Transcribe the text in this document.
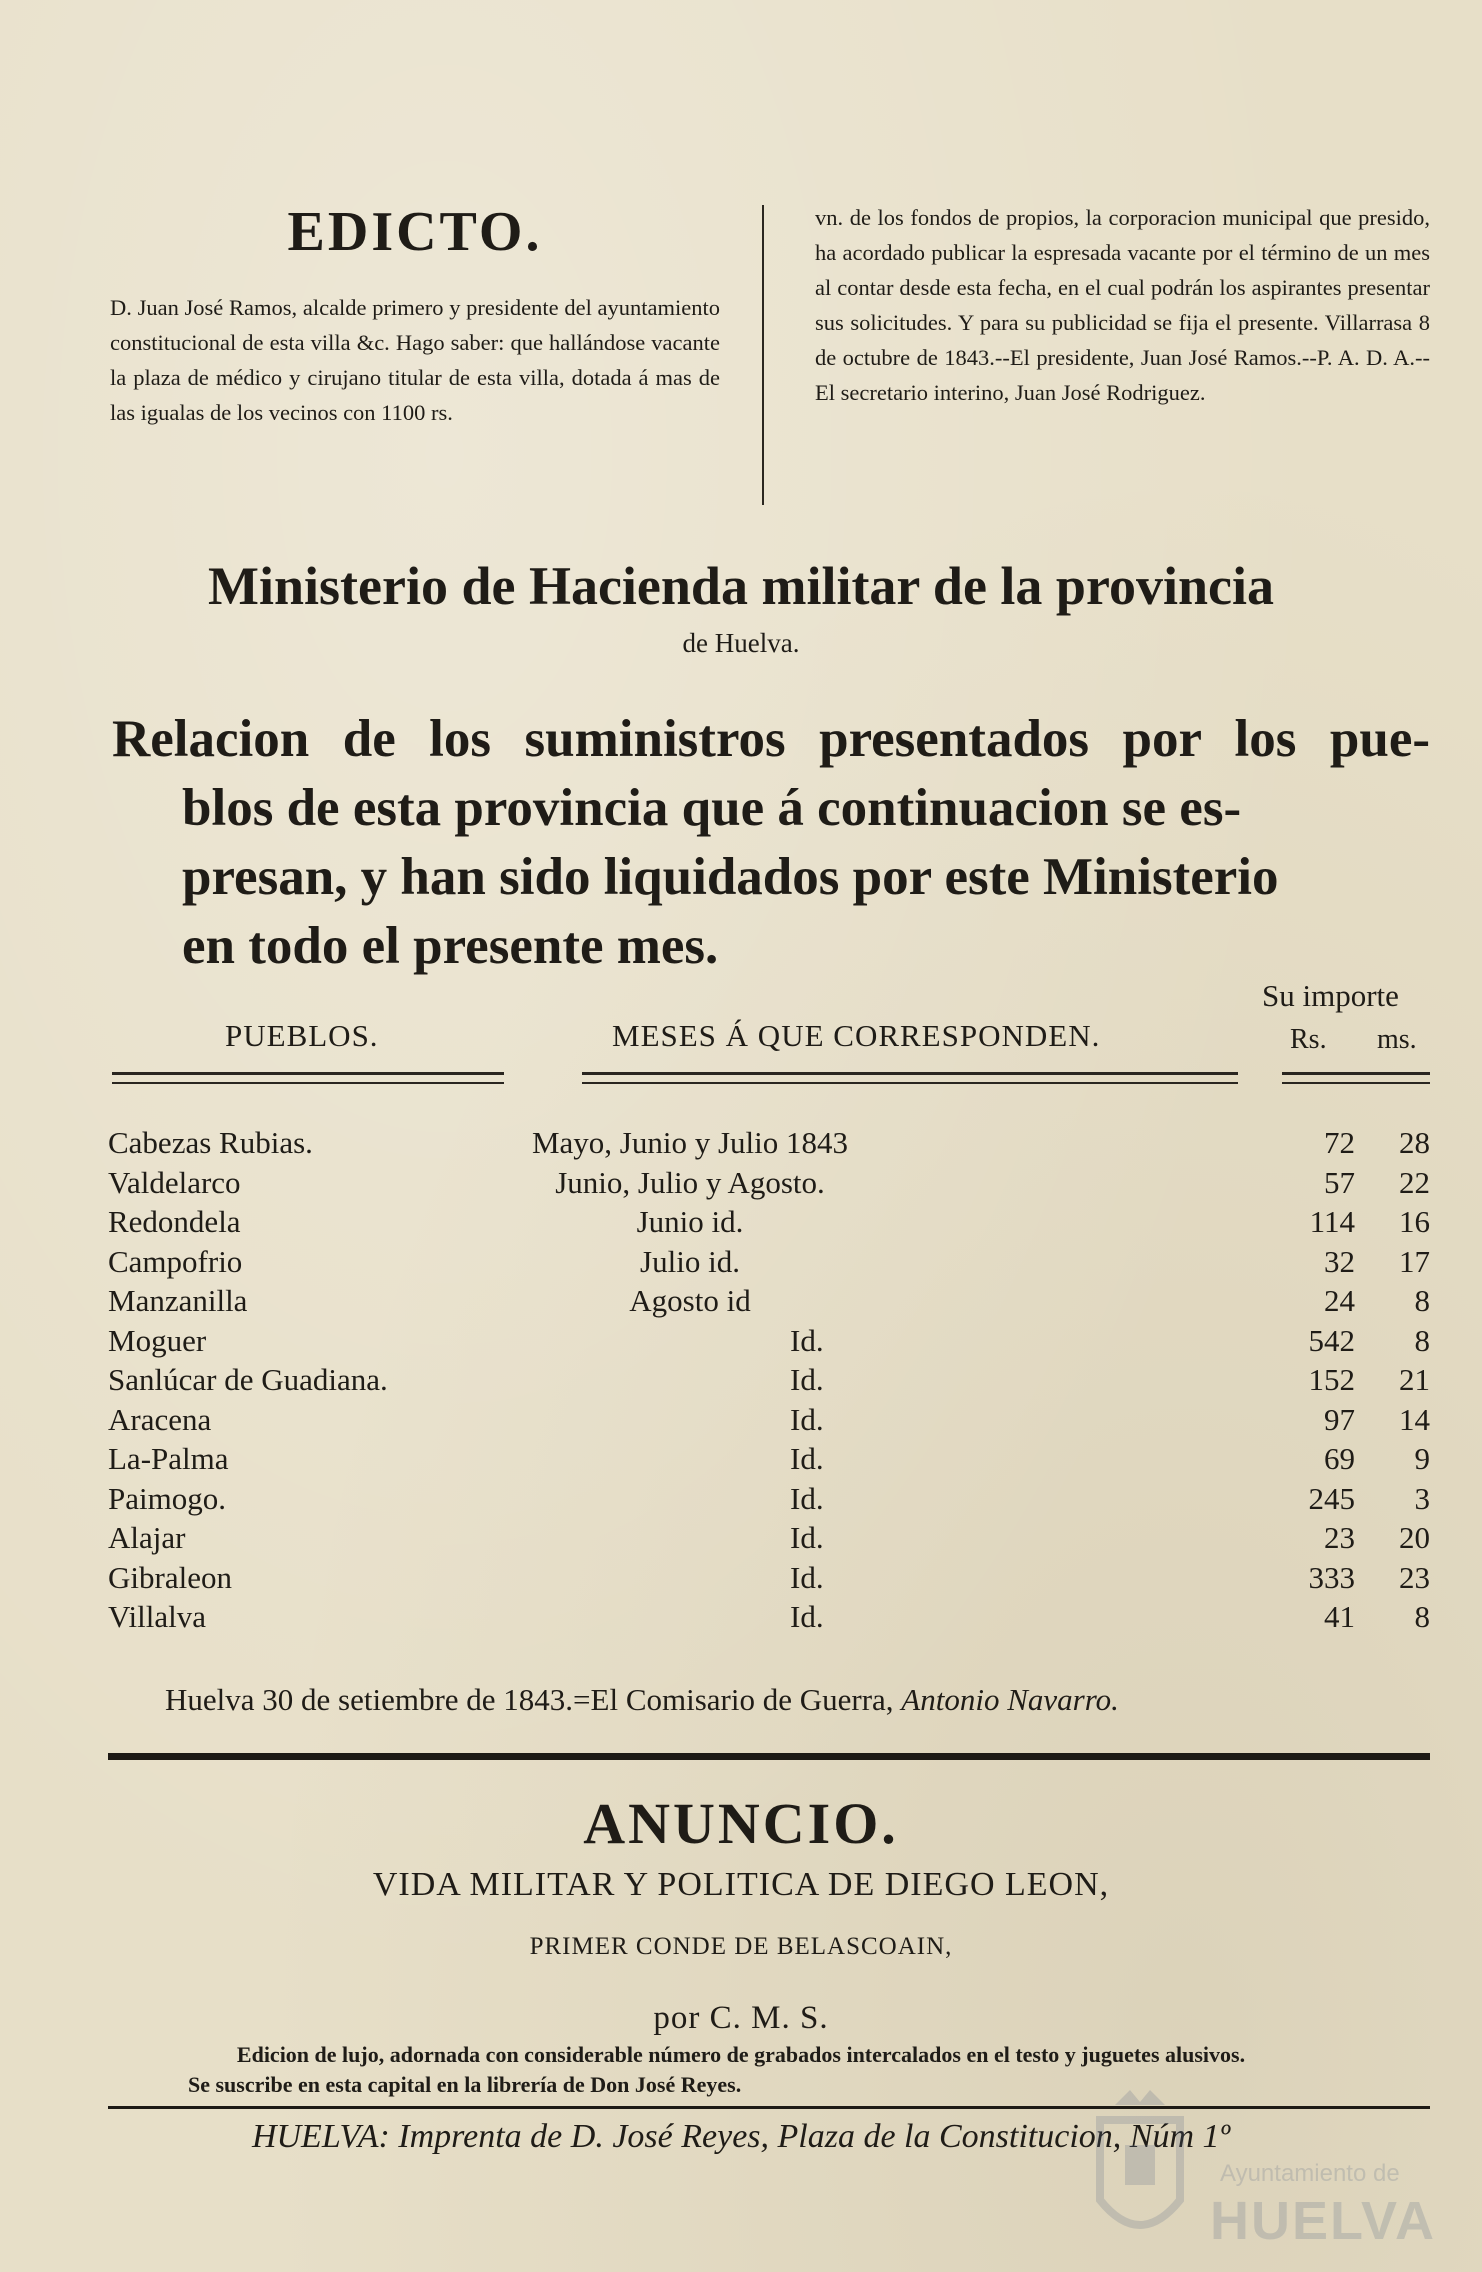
EDICTO.
D. Juan José Ramos, alcalde primero y presidente del ayuntamiento constitucional de esta villa &c. Hago saber: que hallándose vacante la plaza de médico y cirujano titular de esta villa, dotada á mas de las igualas de los vecinos con 1100 rs.
vn. de los fondos de propios, la corporacion municipal que presido, ha acordado publicar la espresada vacante por el término de un mes al contar desde esta fecha, en el cual podrán los aspirantes presentar sus solicitudes. Y para su publicidad se fija el presente. Villarrasa 8 de octubre de 1843.--El presidente, Juan José Ramos.--P. A. D. A.--El secretario interino, Juan José Rodriguez.
Ministerio de Hacienda militar de la provincia
de Huelva.
Relacion de los suministros presentados por los pue-
blos de esta provincia que á continuacion se es-
presan, y han sido liquidados por este Ministerio
en todo el presente mes.
PUEBLOS.	MESES Á QUE CORRESPONDEN.
Su importe
Rs. ms.
Cabezas Rubias.	Mayo, Junio y Julio 1843	72	28
Valdelarco	Junio, Julio y Agosto.	57	22
Redondela	Junio id.	114	16
Campofrio	Julio id.	32	17
Manzanilla	Agosto id	24	8
Moguer	Id.	542	8
Sanlúcar de Guadiana.	Id.	152	21
Aracena	Id.	97	14
La-Palma	Id.	69	9
Paimogo.	Id.	245	3
Alajar	Id.	23	20
Gibraleon	Id.	333	23
Villalva	Id.	41	8
Huelva 30 de setiembre de 1843.=El Comisario de Guerra, Antonio Navarro.
ANUNCIO.
VIDA MILITAR Y POLITICA DE DIEGO LEON,
PRIMER CONDE DE BELASCOAIN,
por C. M. S.
Edicion de lujo, adornada con considerable número de grabados intercalados en el testo y juguetes alusivos.
Se suscribe en esta capital en la librería de Don José Reyes.
HUELVA: Imprenta de D. José Reyes, Plaza de la Constitucion, Núm 1º
Ayuntamiento de
HUELVA
